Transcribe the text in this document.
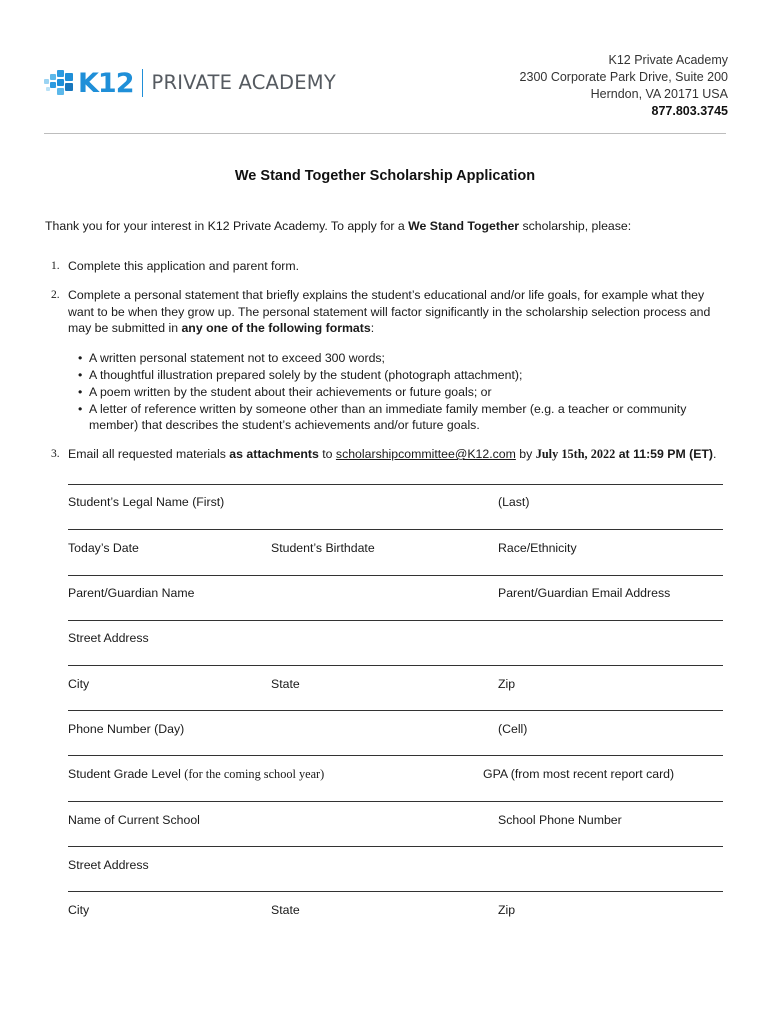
K12 PRIVATE ACADEMY
K12 Private Academy
2300 Corporate Park Drive, Suite 200
Herndon, VA 20171 USA
877.803.3745
We Stand Together Scholarship Application
Thank you for your interest in K12 Private Academy. To apply for a We Stand Together scholarship, please:
1. Complete this application and parent form.
2. Complete a personal statement that briefly explains the student’s educational and/or life goals, for example what they want to be when they grow up. The personal statement will factor significantly in the scholarship selection process and may be submitted in any one of the following formats:
• A written personal statement not to exceed 300 words;
• A thoughtful illustration prepared solely by the student (photograph attachment);
• A poem written by the student about their achievements or future goals; or
• A letter of reference written by someone other than an immediate family member (e.g. a teacher or community member) that describes the student’s achievements and/or future goals.
3. Email all requested materials as attachments to scholarshipcommittee@K12.com by July 15th, 2022 at 11:59 PM (ET).
Student’s Legal Name (First)	(Last)
Today’s Date	Student’s Birthdate	Race/Ethnicity
Parent/Guardian Name	Parent/Guardian Email Address
Street Address
City	State	Zip
Phone Number (Day)	(Cell)
Student Grade Level (for the coming school year)	GPA (from most recent report card)
Name of Current School	School Phone Number
Street Address
City	State	Zip
